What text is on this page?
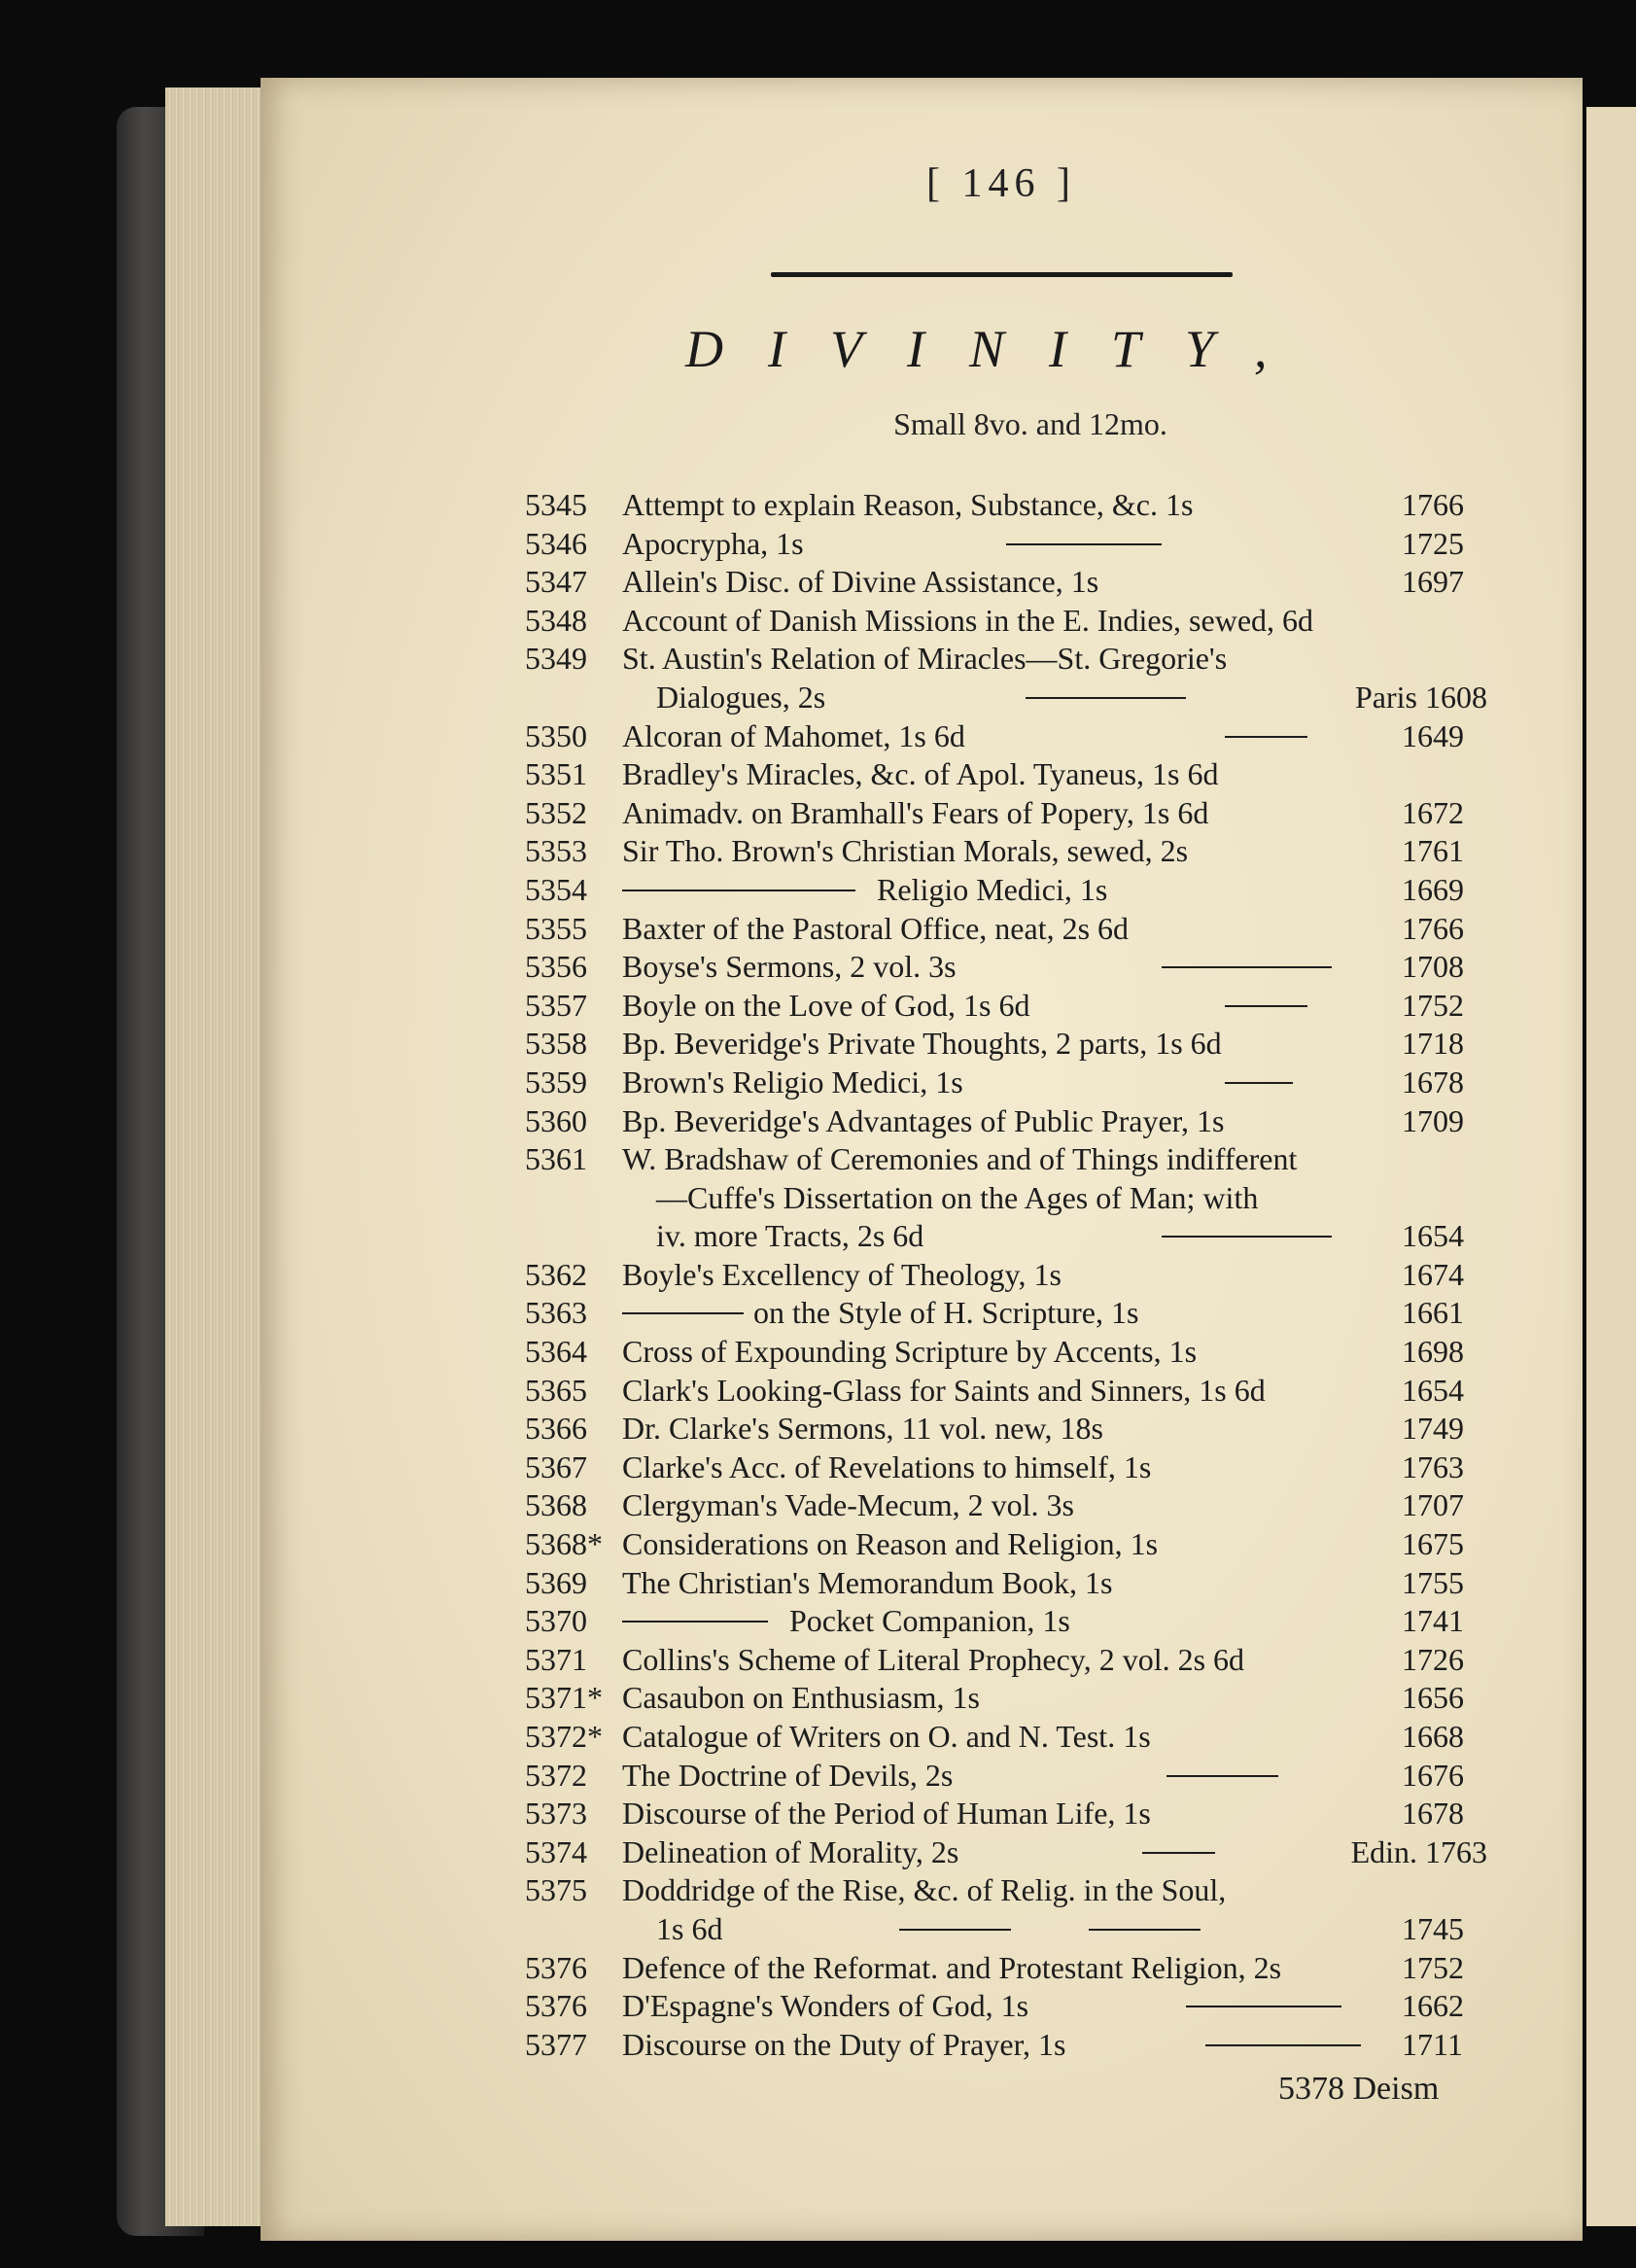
[ 146 ]
DIVINITY,
Small 8vo. and 12mo.
5345	Attempt to explain Reason, Substance, &c. 1s	1766
5346	Apocrypha, 1s	1725
5347	Allein's Disc. of Divine Assistance, 1s	1697
5348	Account of Danish Missions in the E. Indies, sewed, 6d
5349	St. Austin's Relation of Miracles—St. Gregorie's
Dialogues, 2s	Paris 1608
5350	Alcoran of Mahomet, 1s 6d	1649
5351	Bradley's Miracles, &c. of Apol. Tyaneus, 1s 6d
5352	Animadv. on Bramhall's Fears of Popery, 1s 6d	1672
5353	Sir Tho. Brown's Christian Morals, sewed, 2s	1761
5354	Religio Medici, 1s	1669
5355	Baxter of the Pastoral Office, neat, 2s 6d	1766
5356	Boyse's Sermons, 2 vol. 3s	1708
5357	Boyle on the Love of God, 1s 6d	1752
5358	Bp. Beveridge's Private Thoughts, 2 parts, 1s 6d	1718
5359	Brown's Religio Medici, 1s	1678
5360	Bp. Beveridge's Advantages of Public Prayer, 1s	1709
5361	W. Bradshaw of Ceremonies and of Things indifferent
—Cuffe's Dissertation on the Ages of Man; with
iv. more Tracts, 2s 6d	1654
5362	Boyle's Excellency of Theology, 1s	1674
5363	on the Style of H. Scripture, 1s	1661
5364	Cross of Expounding Scripture by Accents, 1s	1698
5365	Clark's Looking-Glass for Saints and Sinners, 1s 6d	1654
5366	Dr. Clarke's Sermons, 11 vol. new, 18s	1749
5367	Clarke's Acc. of Revelations to himself, 1s	1763
5368	Clergyman's Vade-Mecum, 2 vol. 3s	1707
5368* Considerations on Reason and Religion, 1s	1675
5369	The Christian's Memorandum Book, 1s	1755
5370	Pocket Companion, 1s	1741
5371	Collins's Scheme of Literal Prophecy, 2 vol. 2s 6d	1726
5371* Casaubon on Enthusiasm, 1s	1656
5372* Catalogue of Writers on O. and N. Test. 1s	1668
5372	The Doctrine of Devils, 2s	1676
5373	Discourse of the Period of Human Life, 1s	1678
5374	Delineation of Morality, 2s	Edin. 1763
5375	Doddridge of the Rise, &c. of Relig. in the Soul,
1s 6d	1745
5376	Defence of the Reformat. and Protestant Religion, 2s	1752
5376	D'Espagne's Wonders of God, 1s	1662
5377	Discourse on the Duty of Prayer, 1s	1711
5378 Deism
